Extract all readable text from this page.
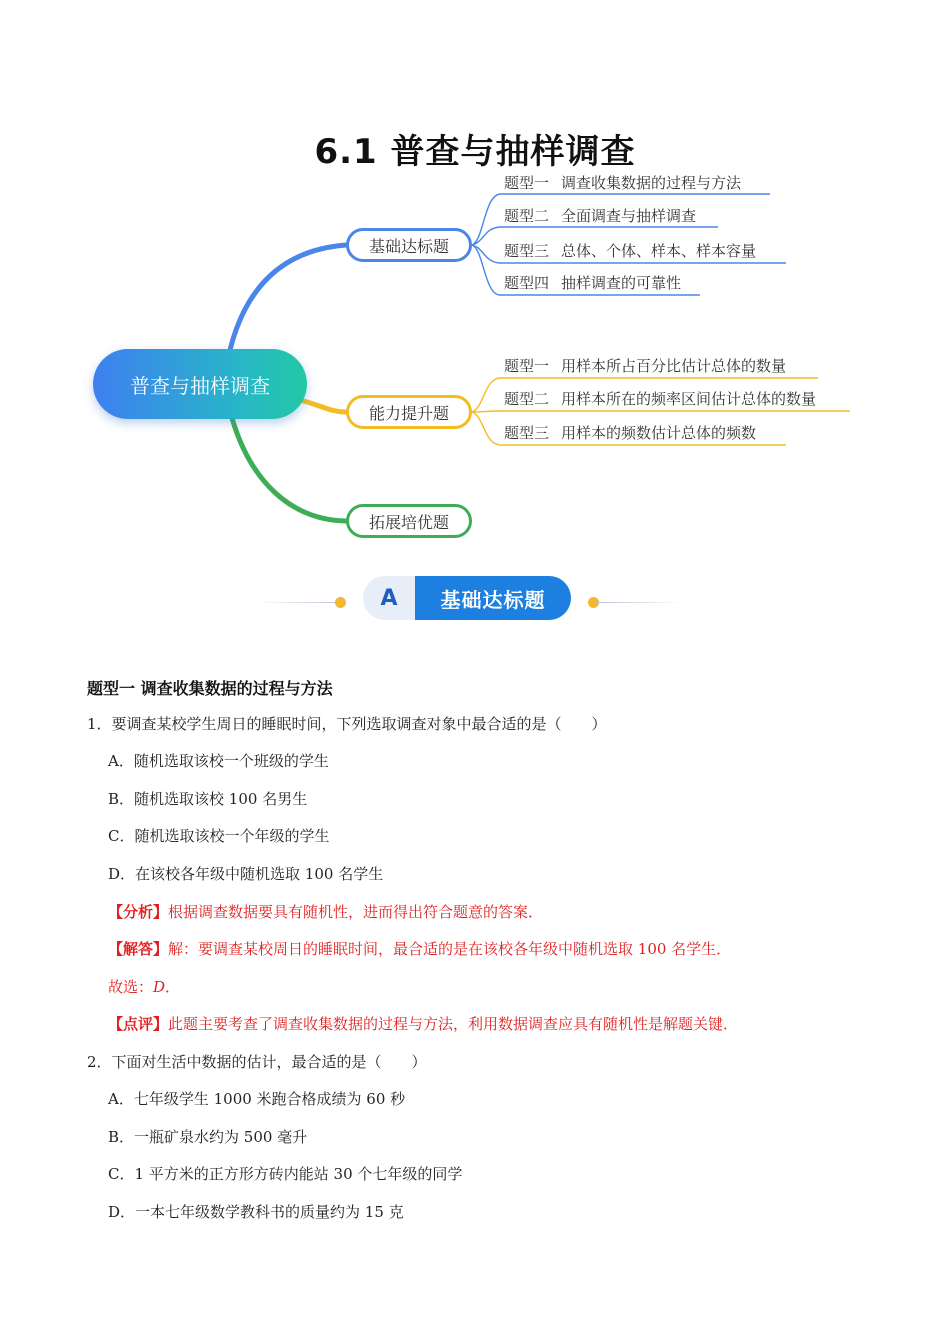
6.1 普查与抽样调查
普查与抽样调查
基础达标题
能力提升题
拓展培优题
题型一 调查收集数据的过程与方法
题型二 全面调查与抽样调查
题型三 总体、个体、样本、样本容量
题型四 抽样调查的可靠性
题型一 用样本所占百分比估计总体的数量
题型二 用样本所在的频率区间估计总体的数量
题型三 用样本的频数估计总体的频数
A	基础达标题
题型一 调查收集数据的过程与方法
1．要调查某校学生周日的睡眠时间，下列选取调查对象中最合适的是（　　）
A．随机选取该校一个班级的学生
B．随机选取该校 100 名男生
C．随机选取该校一个年级的学生
D．在该校各年级中随机选取 100 名学生
【分析】根据调查数据要具有随机性，进而得出符合题意的答案．
【解答】解：要调查某校周日的睡眠时间，最合适的是在该校各年级中随机选取 100 名学生．
故选：D．
【点评】此题主要考查了调查收集数据的过程与方法，利用数据调查应具有随机性是解题关键．
2．下面对生活中数据的估计，最合适的是（　　）
A．七年级学生 1000 米跑合格成绩为 60 秒
B．一瓶矿泉水约为 500 毫升
C．1 平方米的正方形方砖内能站 30 个七年级的同学
D．一本七年级数学教科书的质量约为 15 克
